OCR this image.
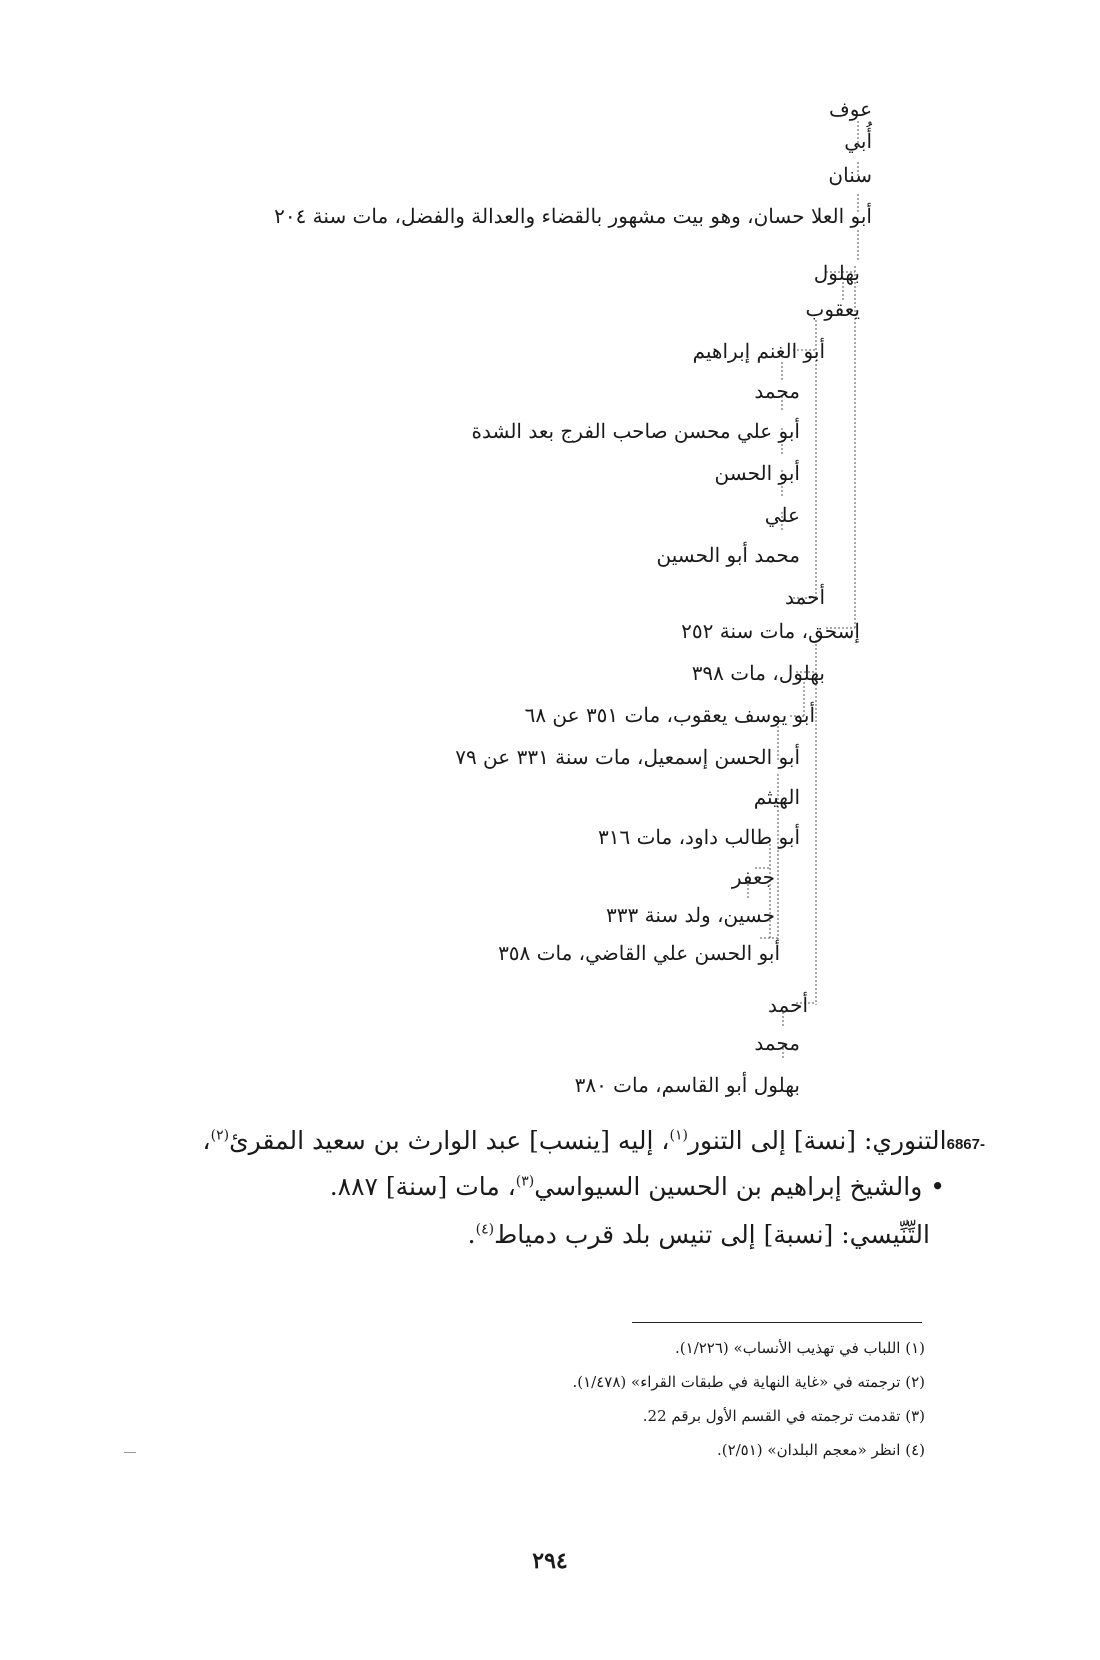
عوف
أُبي
سنان
أبو العلا حسان، وهو بيت مشهور بالقضاء والعدالة والفضل، مات سنة ٢٠٤
بهلول
يعقوب
أبو الغنم إبراهيم
محمد
أبو علي محسن صاحب الفرج بعد الشدة
أبو الحسن
علي
محمد أبو الحسين
أحمد
إسحق، مات سنة ٢٥٢
بهلول، مات ٣٩٨
أبو يوسف يعقوب، مات ٣٥١ عن ٦٨
أبو الحسن إسمعيل، مات سنة ٣٣١ عن ٧٩
الهيثم
أبو طالب داود، مات ٣١٦
جعفر
حسين، ولد سنة ٣٣٣
أبو الحسن علي القاضي، مات ٣٥٨
أحمد
محمد
بهلول أبو القاسم، مات ٣٨٠
6867-التنوري: [نسة] إلى التنور$^{(١)}$، إليه [ينسب] عبد الوارث بن سعيد المقرئ$^{(٢)}$،
• والشيخ إبراهيم بن الحسين السيواسي$^{(٣)}$، مات [سنة] ٨٨٧.
التِّنِّيسي: [نسبة] إلى تنيس بلد قرب دمياط$^{(٤)}$.
(١) اللباب في تهذيب الأنساب» (١/٢٢٦).
(٢) ترجمته في «غاية النهاية في طبقات القراء» (١/٤٧٨).
(٣) تقدمت ترجمته في القسم الأول برقم 22.
(٤) انظر «معجم البلدان» (٢/٥١).
٢٩٤
